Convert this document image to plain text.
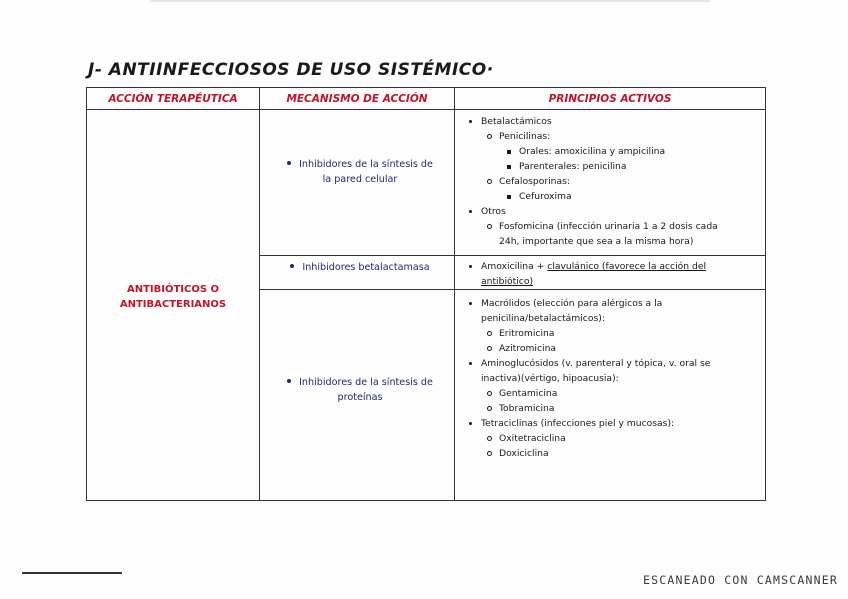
J- ANTIINFECCIOSOS DE USO SISTÉMICO·
ACCIÓN TERAPÉUTICA	MECANISMO DE ACCIÓN	PRINCIPIOS ACTIVOS
ANTIBIÓTICOS O
ANTIBACTERIANOS
Inhibidores de la síntesis de
la pared celular
Inhibidores betalactamasa
Inhibidores de la síntesis de
proteínas
Betalactámicos
Penicilinas:
Orales: amoxicilina y ampicilina
Parenterales: penicilina
Cefalosporinas:
Cefuroxima
Otros
Fosfomicina (infección urinaria 1 a 2 dosis cada
24h, importante que sea a la misma hora)
Amoxicilina + clavulánico (favorece la acción del
antibiótico)
Macrólidos (elección para alérgicos a la
penicilina/betalactámicos):
Eritromicina
Azitromicina
Aminoglucósidos (v. parenteral y tópica, v. oral se
inactiva)(vértigo, hipoacusia):
Gentamicina
Tobramicina
Tetraciclinas (infecciones piel y mucosas):
Oxitetraciclina
Doxiciclina
ESCANEADO CON CAMSCANNER
